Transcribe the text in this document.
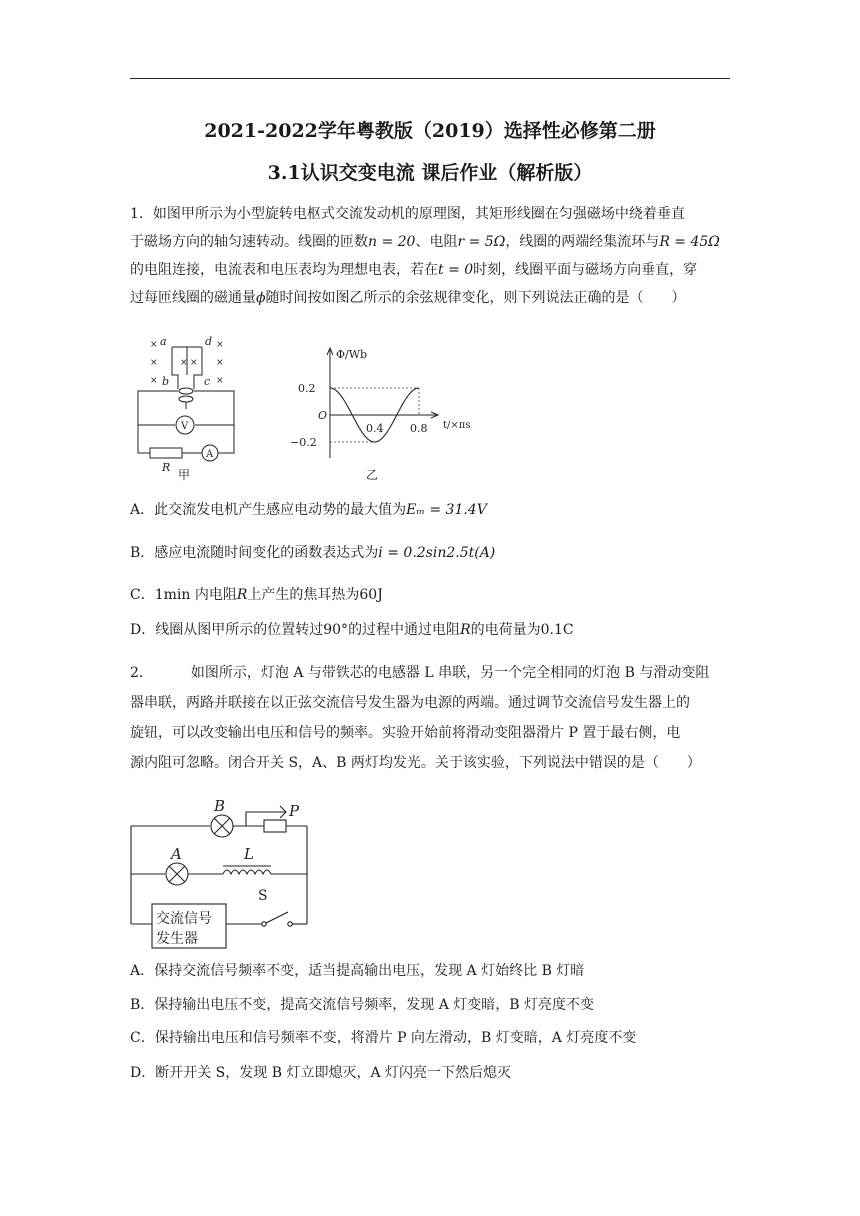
2021-2022学年粤教版（2019）选择性必修第二册
3.1认识交变电流 课后作业（解析版）
1．如图甲所示为小型旋转电枢式交流发动机的原理图，其矩形线圈在匀强磁场中绕着垂直
于磁场方向的轴匀速转动。线圈的匝数n = 20、电阻r = 5Ω，线圈的两端经集流环与R = 45Ω
的电阻连接，电流表和电压表均为理想电表，若在t = 0时刻，线圈平面与磁场方向垂直，穿
过每匝线圈的磁通量ϕ随时间按如图乙所示的余弦规律变化，则下列说法正确的是（　　）
×	×
×	×
×	×
× ×
a	d
b	c
R
V
A
甲
Φ/Wb
t/×πs
O
0.2
−0.2
0.4 0.8
乙
A．此交流发电机产生感应电动势的最大值为Eₘ = 31.4V
B．感应电流随时间变化的函数表达式为i = 0.2sin2.5t(A)
C．1min 内电阻R上产生的焦耳热为60J
D．线圈从图甲所示的位置转过90°的过程中通过电阻R的电荷量为0.1C
2．	如图所示，灯泡 A 与带铁芯的电感器 L 串联，另一个完全相同的灯泡 B 与滑动变阻
器串联，两路并联接在以正弦交流信号发生器为电源的两端。通过调节交流信号发生器上的
旋钮，可以改变输出电压和信号的频率。实验开始前将滑动变阻器滑片 P 置于最右侧，电
源内阻可忽略。闭合开关 S，A、B 两灯均发光。关于该实验，下列说法中错误的是（　　）
B	P
A	L
S
交流信号
发生器
A．保持交流信号频率不变，适当提高输出电压，发现 A 灯始终比 B 灯暗
B．保持输出电压不变，提高交流信号频率，发现 A 灯变暗，B 灯亮度不变
C．保持输出电压和信号频率不变，将滑片 P 向左滑动，B 灯变暗，A 灯亮度不变
D．断开开关 S，发现 B 灯立即熄灭，A 灯闪亮一下然后熄灭
